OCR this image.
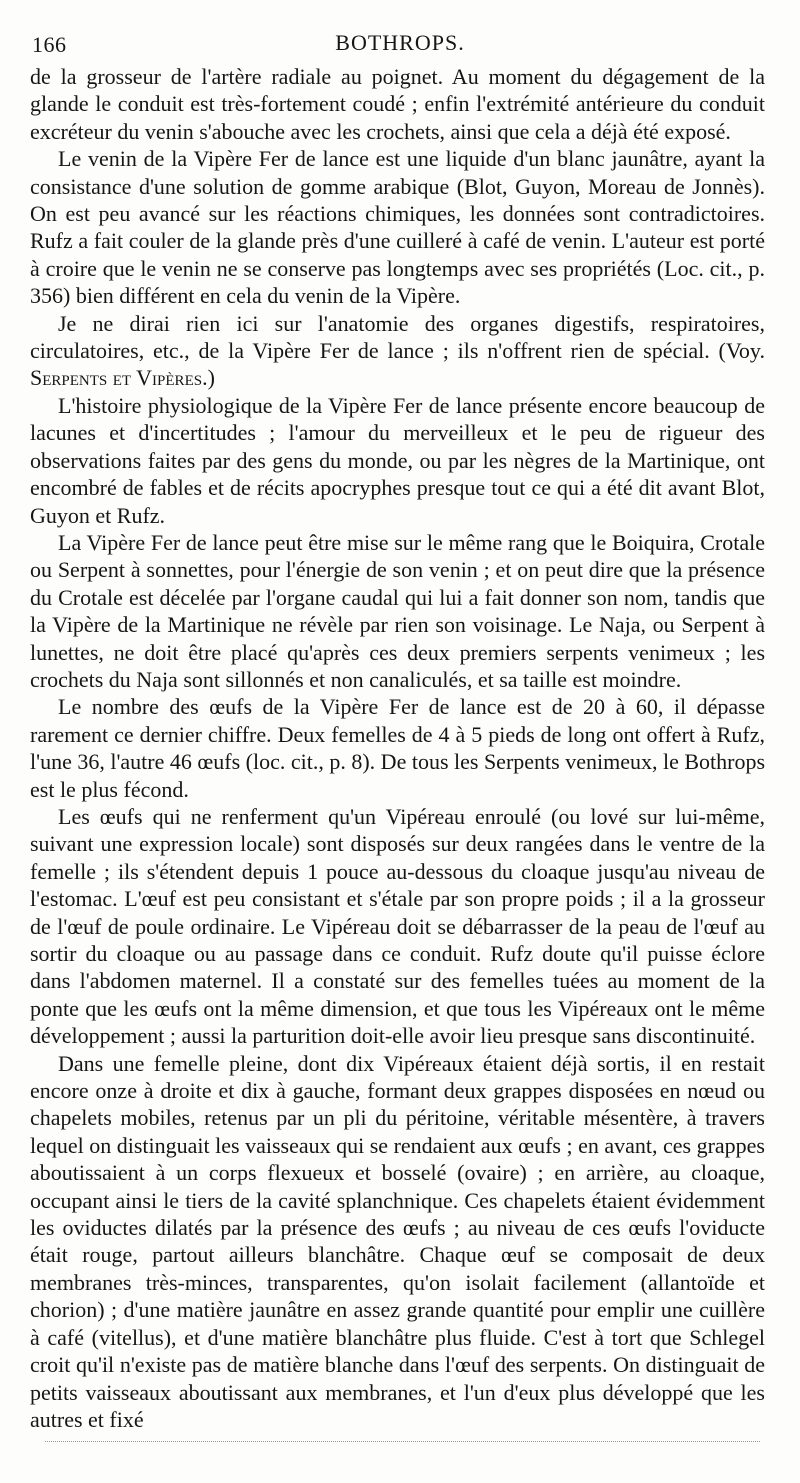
166	BOTHROPS.

de la grosseur de l'artère radiale au poignet. Au moment du dégagement de la glande le conduit est très-fortement coudé ; enfin l'extrémité antérieure du conduit excréteur du venin s'abouche avec les crochets, ainsi que cela a déjà été exposé.

Le venin de la Vipère Fer de lance est une liquide d'un blanc jaunâtre, ayant la consistance d'une solution de gomme arabique (Blot, Guyon, Moreau de Jonnès). On est peu avancé sur les réactions chimiques, les données sont contradictoires. Rufz a fait couler de la glande près d'une cuilleré à café de venin. L'auteur est porté à croire que le venin ne se conserve pas longtemps avec ses propriétés (Loc. cit., p. 356) bien différent en cela du venin de la Vipère.

Je ne dirai rien ici sur l'anatomie des organes digestifs, respiratoires, circulatoires, etc., de la Vipère Fer de lance ; ils n'offrent rien de spécial. (Voy. Serpents et Vipères.)

L'histoire physiologique de la Vipère Fer de lance présente encore beaucoup de lacunes et d'incertitudes ; l'amour du merveilleux et le peu de rigueur des observations faites par des gens du monde, ou par les nègres de la Martinique, ont encombré de fables et de récits apocryphes presque tout ce qui a été dit avant Blot, Guyon et Rufz.

La Vipère Fer de lance peut être mise sur le même rang que le Boiquira, Crotale ou Serpent à sonnettes, pour l'énergie de son venin ; et on peut dire que la présence du Crotale est décelée par l'organe caudal qui lui a fait donner son nom, tandis que la Vipère de la Martinique ne révèle par rien son voisinage. Le Naja, ou Serpent à lunettes, ne doit être placé qu'après ces deux premiers serpents venimeux ; les crochets du Naja sont sillonnés et non canaliculés, et sa taille est moindre.

Le nombre des œufs de la Vipère Fer de lance est de 20 à 60, il dépasse rarement ce dernier chiffre. Deux femelles de 4 à 5 pieds de long ont offert à Rufz, l'une 36, l'autre 46 œufs (loc. cit., p. 8). De tous les Serpents venimeux, le Bothrops est le plus fécond.

Les œufs qui ne renferment qu'un Vipéreau enroulé (ou lové sur lui-même, suivant une expression locale) sont disposés sur deux rangées dans le ventre de la femelle ; ils s'étendent depuis 1 pouce au-dessous du cloaque jusqu'au niveau de l'estomac. L'œuf est peu consistant et s'étale par son propre poids ; il a la grosseur de l'œuf de poule ordinaire. Le Vipéreau doit se débarrasser de la peau de l'œuf au sortir du cloaque ou au passage dans ce conduit. Rufz doute qu'il puisse éclore dans l'abdomen maternel. Il a constaté sur des femelles tuées au moment de la ponte que les œufs ont la même dimension, et que tous les Vipéreaux ont le même développement ; aussi la parturition doit-elle avoir lieu presque sans discontinuité.

Dans une femelle pleine, dont dix Vipéreaux étaient déjà sortis, il en restait encore onze à droite et dix à gauche, formant deux grappes disposées en nœud ou chapelets mobiles, retenus par un pli du péritoine, véritable mésentère, à travers lequel on distinguait les vaisseaux qui se rendaient aux œufs ; en avant, ces grappes aboutissaient à un corps flexueux et bosselé (ovaire) ; en arrière, au cloaque, occupant ainsi le tiers de la cavité splanchnique. Ces chapelets étaient évidemment les oviductes dilatés par la présence des œufs ; au niveau de ces œufs l'oviducte était rouge, partout ailleurs blanchâtre. Chaque œuf se composait de deux membranes très-minces, transparentes, qu'on isolait facilement (allantoïde et chorion) ; d'une matière jaunâtre en assez grande quantité pour emplir une cuillère à café (vitellus), et d'une matière blanchâtre plus fluide. C'est à tort que Schlegel croit qu'il n'existe pas de matière blanche dans l'œuf des serpents. On distinguait de petits vaisseaux aboutissant aux membranes, et l'un d'eux plus développé que les autres et fixé
